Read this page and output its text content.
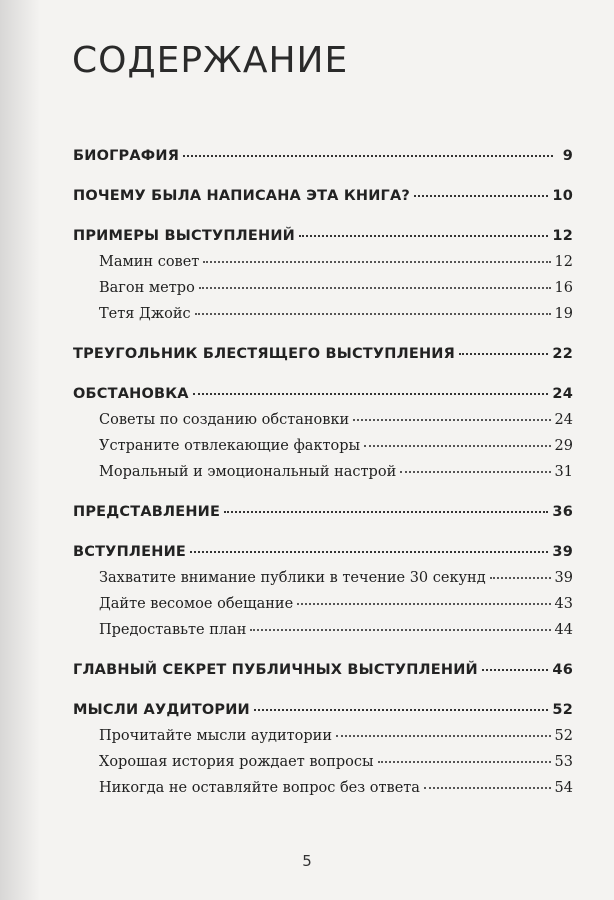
СОДЕРЖАНИЕ
БИОГРАФИЯ	9
ПОЧЕМУ БЫЛА НАПИСАНА ЭТА КНИГА?	10
ПРИМЕРЫ ВЫСТУПЛЕНИЙ	12
Мамин совет	12
Вагон метро	16
Тетя Джойс	19
ТРЕУГОЛЬНИК БЛЕСТЯЩЕГО ВЫСТУПЛЕНИЯ	22
ОБСТАНОВКА	24
Советы по созданию обстановки	24
Устраните отвлекающие факторы	29
Моральный и эмоциональный настрой	31
ПРЕДСТАВЛЕНИЕ	36
ВСТУПЛЕНИЕ	39
Захватите внимание публики в течение 30 секунд	39
Дайте весомое обещание	43
Предоставьте план	44
ГЛАВНЫЙ СЕКРЕТ ПУБЛИЧНЫХ ВЫСТУПЛЕНИЙ	46
МЫСЛИ АУДИТОРИИ	52
Прочитайте мысли аудитории	52
Хорошая история рождает вопросы	53
Никогда не оставляйте вопрос без ответа	54
5
